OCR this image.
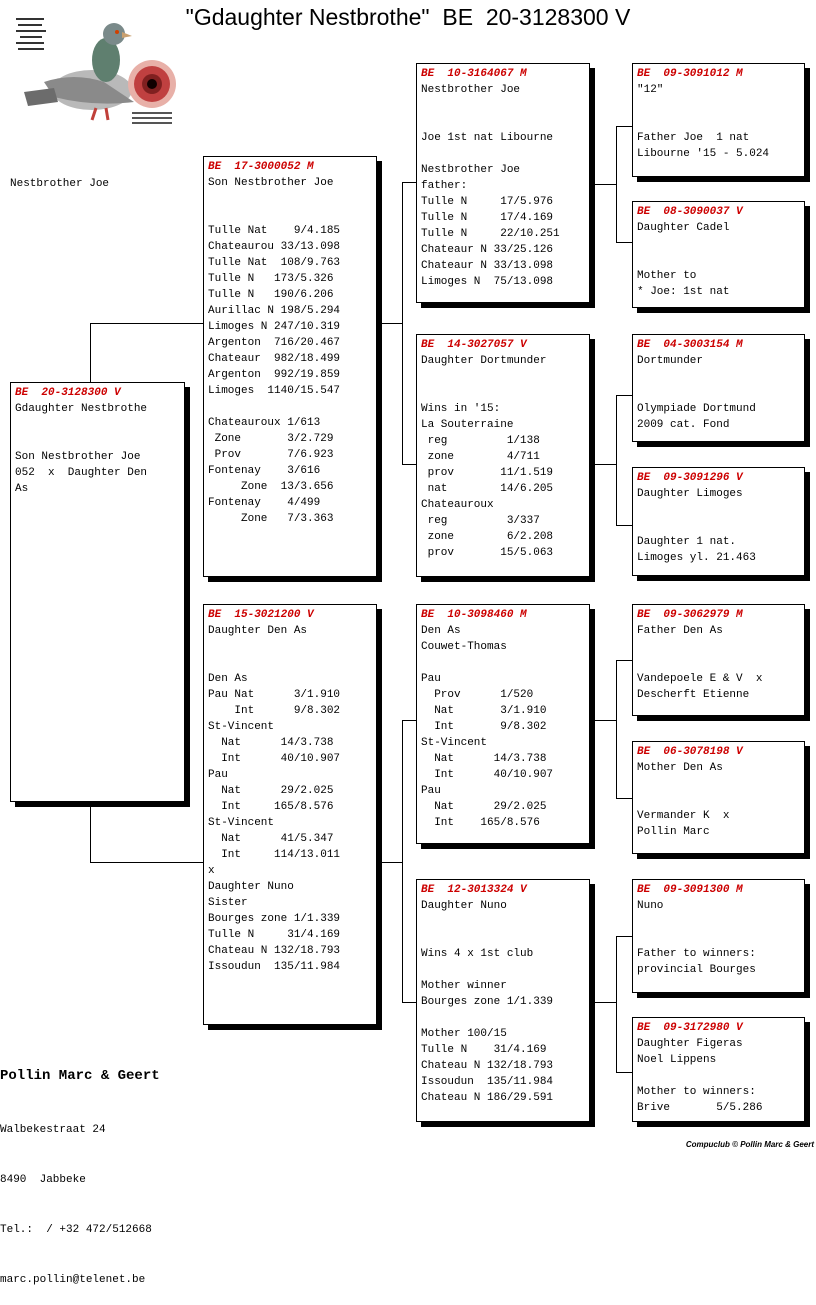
"Gdaughter Nestbrothe"  BE  20-3128300 V
Nestbrother Joe
BE  20-3128300 V
Gdaughter Nestbrothe
Son Nestbrother Joe
052  x  Daughter Den
As
BE  17-3000052 M
Son Nestbrother Joe
Tulle Nat    9/4.185
Chateaurou 33/13.098
Tulle Nat  108/9.763
Tulle N   173/5.326
Tulle N   190/6.206
Aurillac N 198/5.294
Limoges N 247/10.319
Argenton  716/20.467
Chateaur  982/18.499
Argenton  992/19.859
Limoges  1140/15.547
Chateauroux 1/613
Zone       3/2.729
Prov       7/6.923
Fontenay    3/616
Zone  13/3.656
Fontenay    4/499
Zone   7/3.363
BE  15-3021200 V
Daughter Den As
Den As
Pau Nat      3/1.910
Int      9/8.302
St-Vincent
Nat      14/3.738
Int      40/10.907
Pau
Nat      29/2.025
Int     165/8.576
St-Vincent
Nat      41/5.347
Int     114/13.011
x
Daughter Nuno
Sister
Bourges zone 1/1.339
Tulle N     31/4.169
Chateau N 132/18.793
Issoudun  135/11.984
BE  10-3164067 M
Nestbrother Joe
Joe 1st nat Libourne
Nestbrother Joe
father:
Tulle N     17/5.976
Tulle N     17/4.169
Tulle N     22/10.251
Chateaur N 33/25.126
Chateaur N 33/13.098
Limoges N  75/13.098
BE  14-3027057 V
Daughter Dortmunder
Wins in '15:
La Souterraine
reg         1/138
zone        4/711
prov       11/1.519
nat        14/6.205
Chateauroux
reg         3/337
zone        6/2.208
prov       15/5.063
BE  10-3098460 M
Den As
Couwet-Thomas
Pau
Prov      1/520
Nat       3/1.910
Int       9/8.302
St-Vincent
Nat      14/3.738
Int      40/10.907
Pau
Nat      29/2.025
Int    165/8.576
BE  12-3013324 V
Daughter Nuno
Wins 4 x 1st club
Mother winner
Bourges zone 1/1.339
Mother 100/15
Tulle N    31/4.169
Chateau N 132/18.793
Issoudun  135/11.984
Chateau N 186/29.591
BE  09-3091012 M
"12"
Father Joe  1 nat
Libourne '15 - 5.024
BE  08-3090037 V
Daughter Cadel
Mother to
* Joe: 1st nat
BE  04-3003154 M
Dortmunder
Olympiade Dortmund
2009 cat. Fond
BE  09-3091296 V
Daughter Limoges
Daughter 1 nat.
Limoges yl. 21.463
BE  09-3062979 M
Father Den As
Vandepoele E & V  x
Descherft Etienne
BE  06-3078198 V
Mother Den As
Vermander K  x
Pollin Marc
BE  09-3091300 M
Nuno
Father to winners:
provincial Bourges
BE  09-3172980 V
Daughter Figeras
Noel Lippens
Mother to winners:
Brive       5/5.286

Pollin Marc & Geert

Walbekestraat 24

8490  Jabbeke

Tel.:  / +32 472/512668

marc.pollin@telenet.be

Compuclub © Pollin Marc & Geert
